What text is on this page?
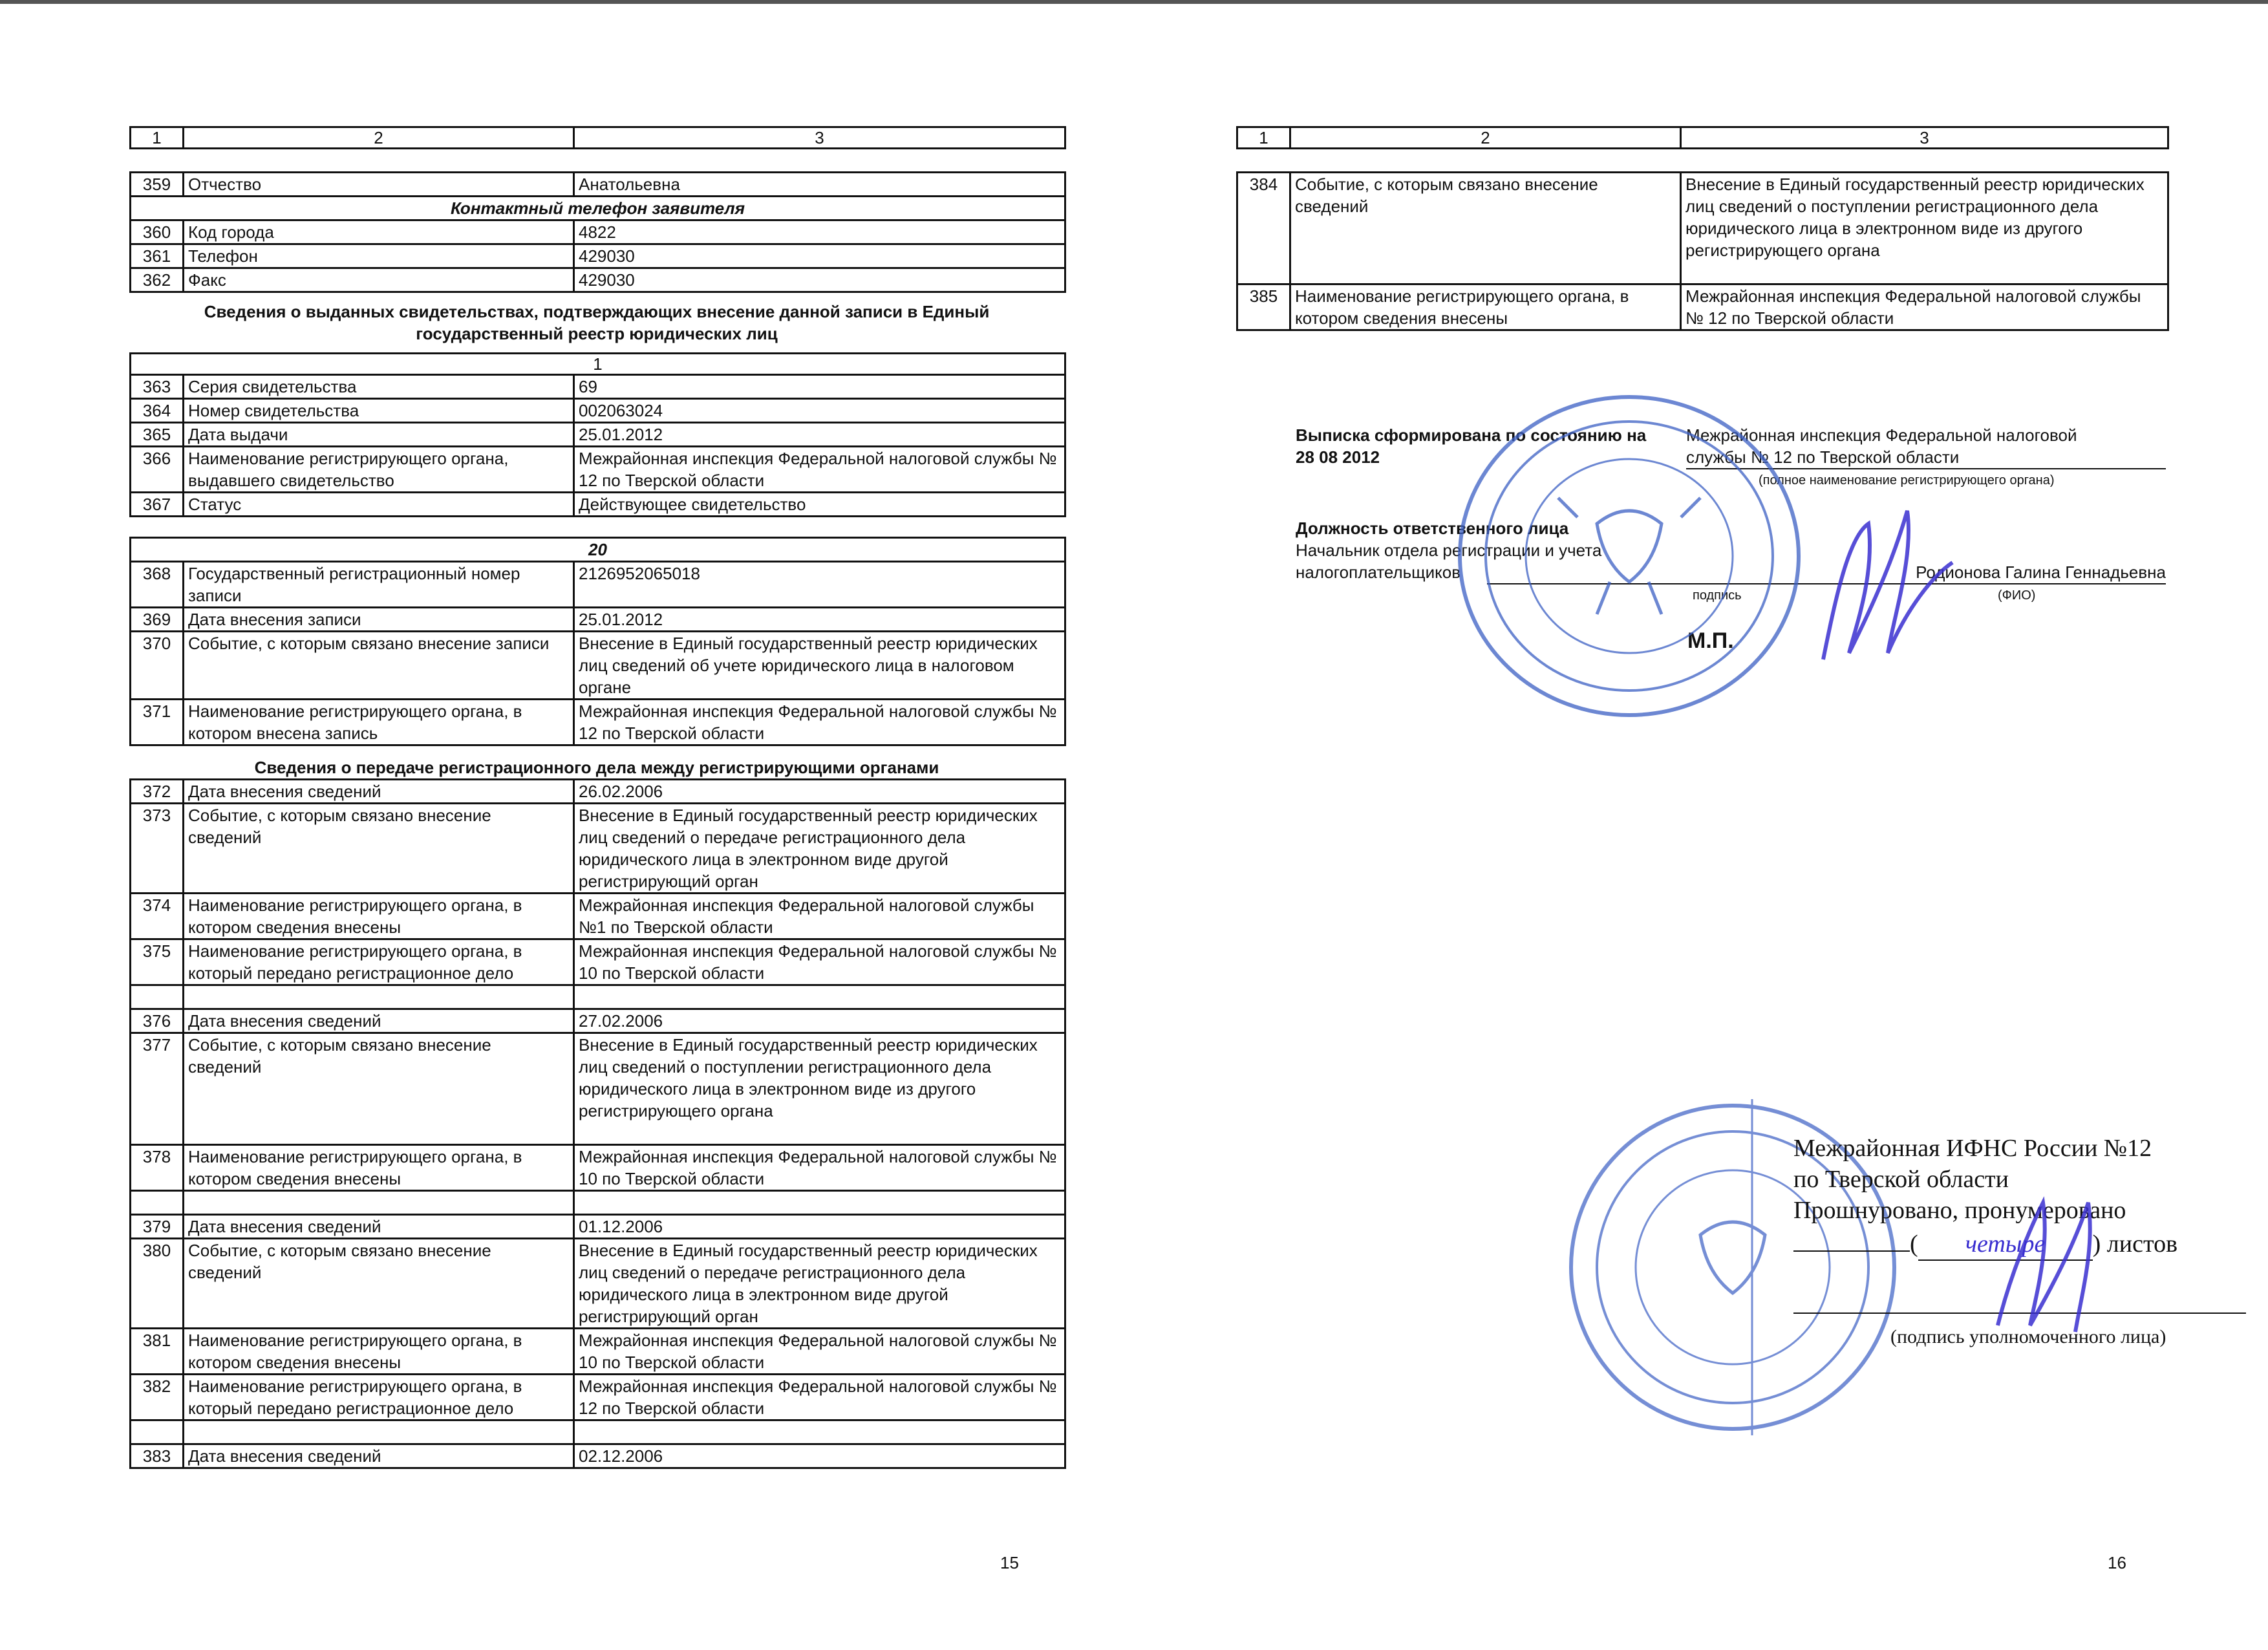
1	2	3
359	Отчество	Анатольевна
Контактный телефон заявителя		
360	Код города	4822
361	Телефон	429030
362	Факс	429030
Сведения о выданных свидетельствах, подтверждающих внесение данной записи в Единый
государственный реестр юридических лиц
1		
363	Серия свидетельства	69
364	Номер свидетельства	002063024
365	Дата выдачи	25.01.2012
366	Наименование регистрирующего органа, выдавшего свидетельство	Межрайонная инспекция Федеральной налоговой службы № 12 по Тверской области
367	Статус	Действующее свидетельство
20		
368	Государственный регистрационный номер записи	2126952065018
369	Дата внесения записи	25.01.2012
370	Событие, с которым связано внесение записи	Внесение в Единый государственный реестр юридических лиц сведений об учете юридического лица в налоговом органе
371	Наименование регистрирующего органа, в котором внесена запись	Межрайонная инспекция Федеральной налоговой службы № 12 по Тверской области
Сведения о передаче регистрационного дела между регистрирующими органами
372	Дата внесения сведений	26.02.2006
373	Событие, с которым связано внесение сведений	Внесение в Единый государственный реестр юридических лиц сведений о передаче регистрационного дела юридического лица в электронном виде другой регистрирующий орган
374	Наименование регистрирующего органа, в котором сведения внесены	Межрайонная инспекция Федеральной налоговой службы №1 по Тверской области
375	Наименование регистрирующего органа, в который передано регистрационное дело	Межрайонная инспекция Федеральной налоговой службы № 10 по Тверской области

376	Дата внесения сведений	27.02.2006
377	Событие, с которым связано внесение сведений	Внесение в Единый государственный реестр юридических лиц сведений о поступлении регистрационного дела юридического лица в электронном виде из другого регистрирующего органа
378	Наименование регистрирующего органа, в котором сведения внесены	Межрайонная инспекция Федеральной налоговой службы № 10 по Тверской области

379	Дата внесения сведений	01.12.2006
380	Событие, с которым связано внесение сведений	Внесение в Единый государственный реестр юридических лиц сведений о передаче регистрационного дела юридического лица в электронном виде другой регистрирующий орган
381	Наименование регистрирующего органа, в котором сведения внесены	Межрайонная инспекция Федеральной налоговой службы № 10 по Тверской области
382	Наименование регистрирующего органа, в который передано регистрационное дело	Межрайонная инспекция Федеральной налоговой службы № 12 по Тверской области

383	Дата внесения сведений	02.12.2006
15
1	2	3
384	Событие, с которым связано внесение сведений	Внесение в Единый государственный реестр юридических лиц сведений о поступлении регистрационного дела юридического лица в электронном виде из другого регистрирующего органа
385	Наименование регистрирующего органа, в котором сведения внесены	Межрайонная инспекция Федеральной налоговой службы № 12 по Тверской области
Выписка сформирована по состоянию на
28 08 2012
Межрайонная инспекция Федеральной налоговой
службы № 12 по Тверской области
(полное наименование регистрирующего органа)
Должность ответственного лица
Начальник отдела регистрации и учета
налогоплательщиков
подпись
Родионова Галина Геннадьевна
(ФИО)
М.П.
Межрайонная ИФНС России №12
по Тверской области
Прошнуровано, пронумеровано
( четыре ) листов
(подпись уполномоченного лица)
16
